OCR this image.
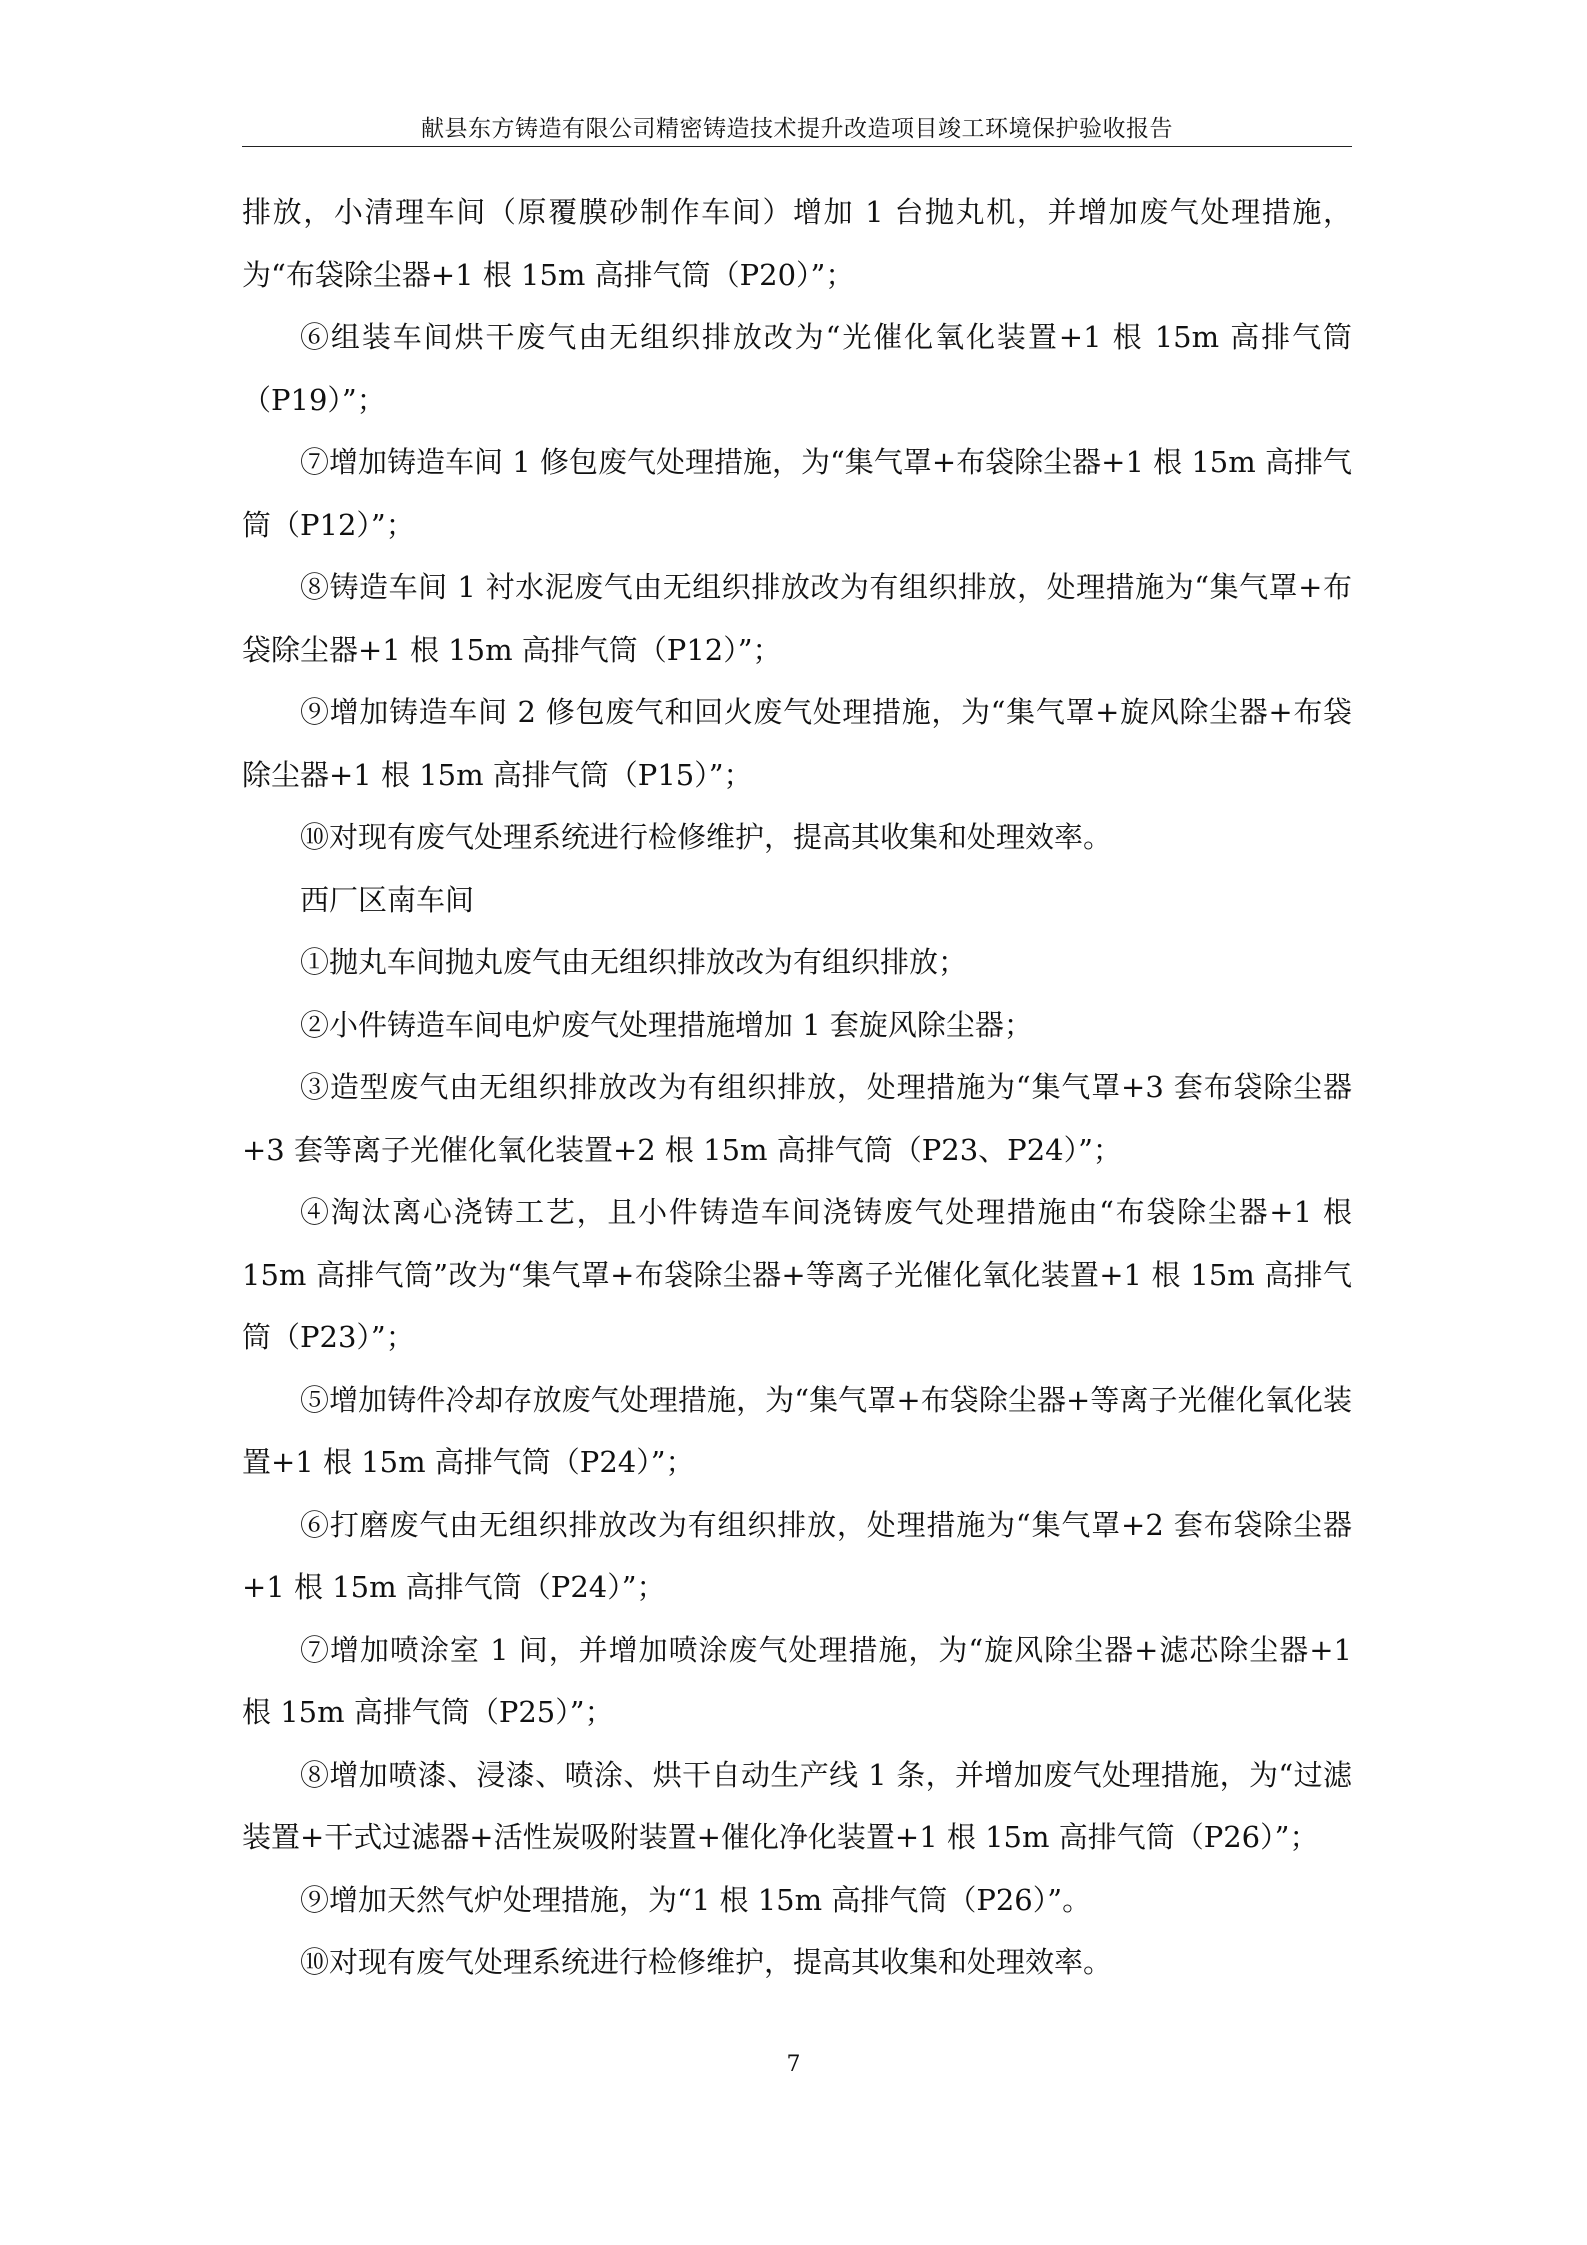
献县东方铸造有限公司精密铸造技术提升改造项目竣工环境保护验收报告

排放，小清理车间（原覆膜砂制作车间）增加 1 台抛丸机，并增加废气处理措施，为“布袋除尘器+1 根 15m 高排气筒（P20）”；

⑥组装车间烘干废气由无组织排放改为“光催化氧化装置+1 根 15m 高排气筒（P19）”；

⑦增加铸造车间 1 修包废气处理措施，为“集气罩+布袋除尘器+1 根 15m 高排气筒（P12）”；

⑧铸造车间 1 衬水泥废气由无组织排放改为有组织排放，处理措施为“集气罩+布袋除尘器+1 根 15m 高排气筒（P12）”；

⑨增加铸造车间 2 修包废气和回火废气处理措施，为“集气罩+旋风除尘器+布袋除尘器+1 根 15m 高排气筒（P15）”；

⑩对现有废气处理系统进行检修维护，提高其收集和处理效率。

西厂区南车间

①抛丸车间抛丸废气由无组织排放改为有组织排放；

②小件铸造车间电炉废气处理措施增加 1 套旋风除尘器；

③造型废气由无组织排放改为有组织排放，处理措施为“集气罩+3 套布袋除尘器+3 套等离子光催化氧化装置+2 根 15m 高排气筒（P23、P24）”；

④淘汰离心浇铸工艺，且小件铸造车间浇铸废气处理措施由“布袋除尘器+1 根 15m 高排气筒”改为“集气罩+布袋除尘器+等离子光催化氧化装置+1 根 15m 高排气筒（P23）”；

⑤增加铸件冷却存放废气处理措施，为“集气罩+布袋除尘器+等离子光催化氧化装置+1 根 15m 高排气筒（P24）”；

⑥打磨废气由无组织排放改为有组织排放，处理措施为“集气罩+2 套布袋除尘器+1 根 15m 高排气筒（P24）”；

⑦增加喷涂室 1 间，并增加喷涂废气处理措施，为“旋风除尘器+滤芯除尘器+1 根 15m 高排气筒（P25）”；

⑧增加喷漆、浸漆、喷涂、烘干自动生产线 1 条，并增加废气处理措施，为“过滤装置+干式过滤器+活性炭吸附装置+催化净化装置+1 根 15m 高排气筒（P26）”；

⑨增加天然气炉处理措施，为“1 根 15m 高排气筒（P26）”。

⑩对现有废气处理系统进行检修维护，提高其收集和处理效率。

7
